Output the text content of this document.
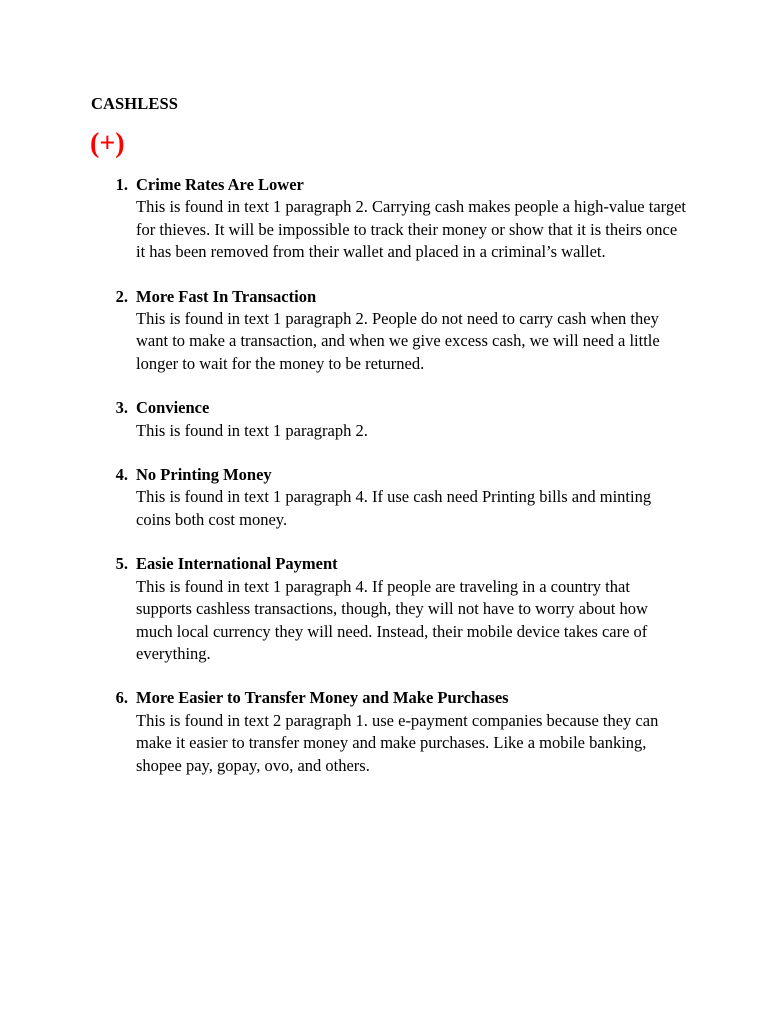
CASHLESS
(+)
1. Crime Rates Are Lower
This is found in text 1 paragraph 2. Carrying cash makes people a high-value target for thieves. It will be impossible to track their money or show that it is theirs once it has been removed from their wallet and placed in a criminal’s wallet.
2. More Fast In Transaction
This is found in text 1 paragraph 2. People do not need to carry cash when they want to make a transaction, and when we give excess cash, we will need a little longer to wait for the money to be returned.
3. Convience
This is found in text 1 paragraph 2.
4. No Printing Money
This is found in text 1 paragraph 4. If use cash need Printing bills and minting coins both cost money.
5. Easie International Payment
This is found in text 1 paragraph 4. If people are traveling in a country that supports cashless transactions, though, they will not have to worry about how much local currency they will need. Instead, their mobile device takes care of everything.
6. More Easier to Transfer Money and Make Purchases
This is found in text 2 paragraph 1. use e-payment companies because they can make it easier to transfer money and make purchases. Like a mobile banking, shopee pay, gopay, ovo, and others.
